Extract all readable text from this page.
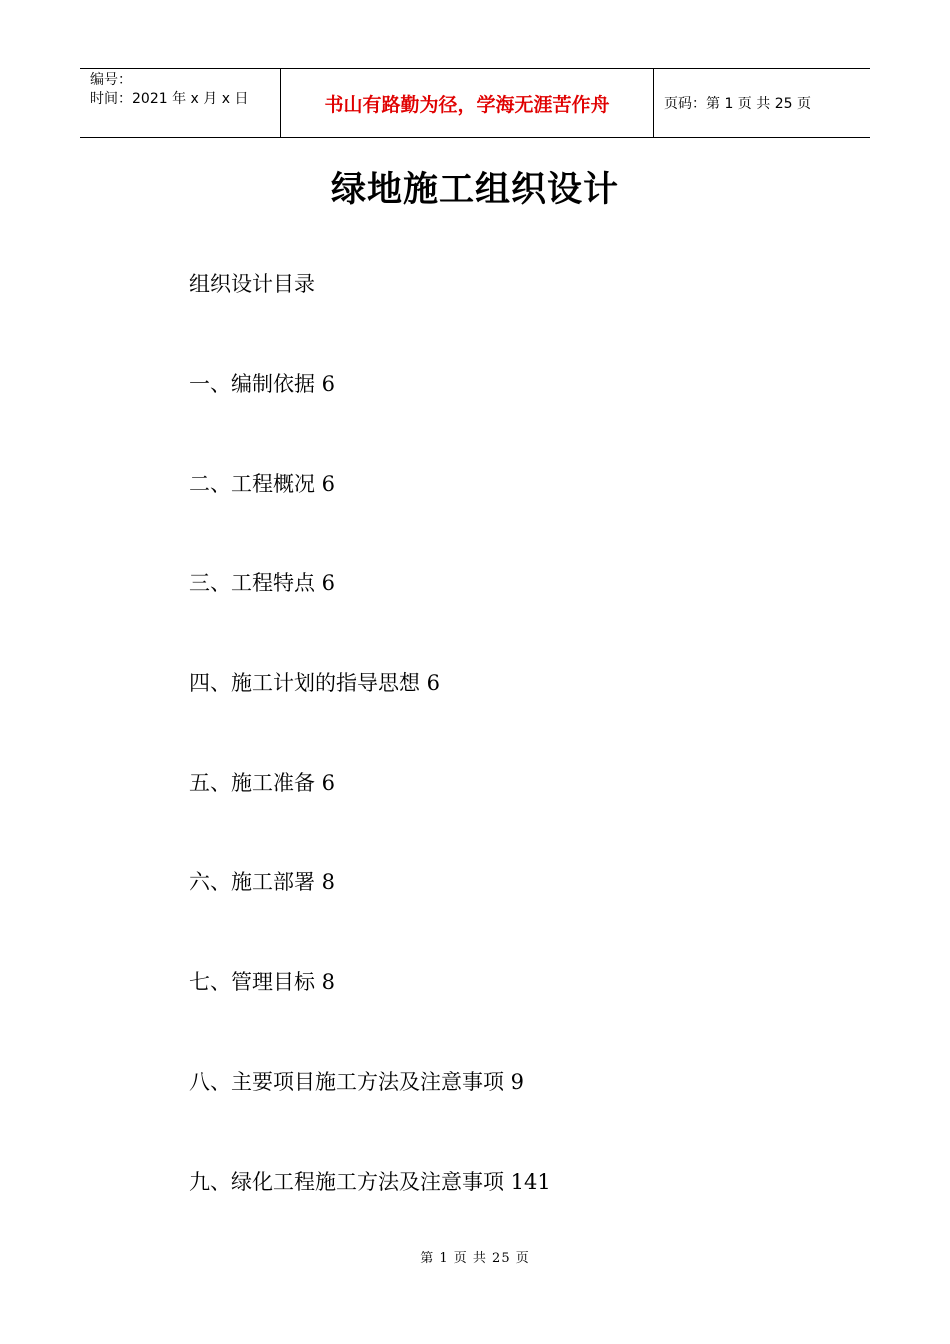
编号：
时间：2021 年 x 月 x 日	书山有路勤为径，学海无涯苦作舟	页码：第 1 页 共 25 页
绿地施工组织设计
组织设计目录
一、编制依据 6
二、工程概况 6
三、工程特点 6
四、施工计划的指导思想 6
五、施工准备 6
六、施工部署 8
七、管理目标 8
八、主要项目施工方法及注意事项 9
九、绿化工程施工方法及注意事项 141
第 1 页 共 25 页
